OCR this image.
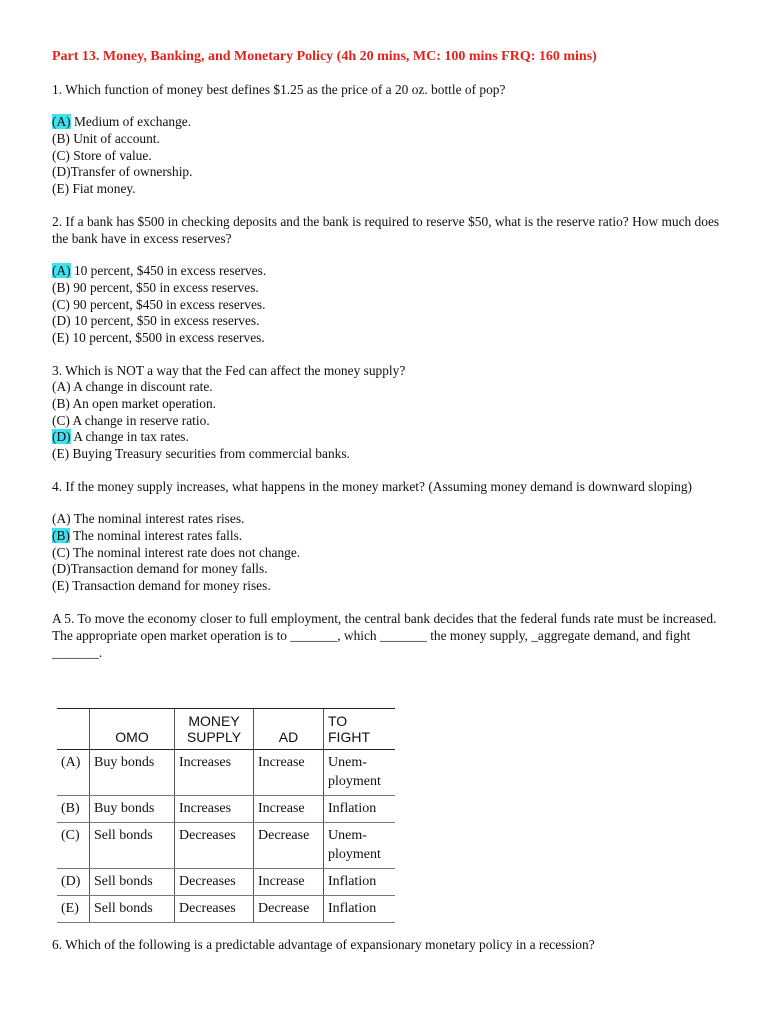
Part 13. Money, Banking, and Monetary Policy (4h 20 mins, MC: 100 mins FRQ: 160 mins)

1. Which function of money best defines $1.25 as the price of a 20 oz. bottle of pop?

(A) Medium of exchange.

(B) Unit of account.

(C) Store of value.

(D)Transfer of ownership.

(E) Fiat money.

2. If a bank has $500 in checking deposits and the bank is required to reserve $50, what is the reserve ratio? How much does the bank have in excess reserves?

(A) 10 percent, $450 in excess reserves.

(B) 90 percent, $50 in excess reserves.

(C) 90 percent, $450 in excess reserves.

(D) 10 percent, $50 in excess reserves.

(E) 10 percent, $500 in excess reserves.

3. Which is NOT a way that the Fed can affect the money supply?

(A) A change in discount rate.

(B) An open market operation.

(C) A change in reserve ratio.

(D) A change in tax rates.

(E) Buying Treasury securities from commercial banks.

4. If the money supply increases, what happens in the money market? (Assuming money demand is downward sloping)

(A) The nominal interest rates rises.

(B) The nominal interest rates falls.

(C) The nominal interest rate does not change.

(D)Transaction demand for money falls.

(E) Transaction demand for money rises.

A 5. To move the economy closer to full employment, the central bank decides that the federal funds rate must be increased. The appropriate open market operation is to _______, which _______ the money supply, _aggregate demand, and fight _______.

	OMO	MONEY SUPPLY	AD	TO FIGHT
(A)	Buy bonds	Increases	Increase	Unem-ployment
(B)	Buy bonds	Increases	Increase	Inflation
(C)	Sell bonds	Decreases	Decrease	Unem-ployment
(D)	Sell bonds	Decreases	Increase	Inflation
(E)	Sell bonds	Decreases	Decrease	Inflation

6. Which of the following is a predictable advantage of expansionary monetary policy in a recession?
